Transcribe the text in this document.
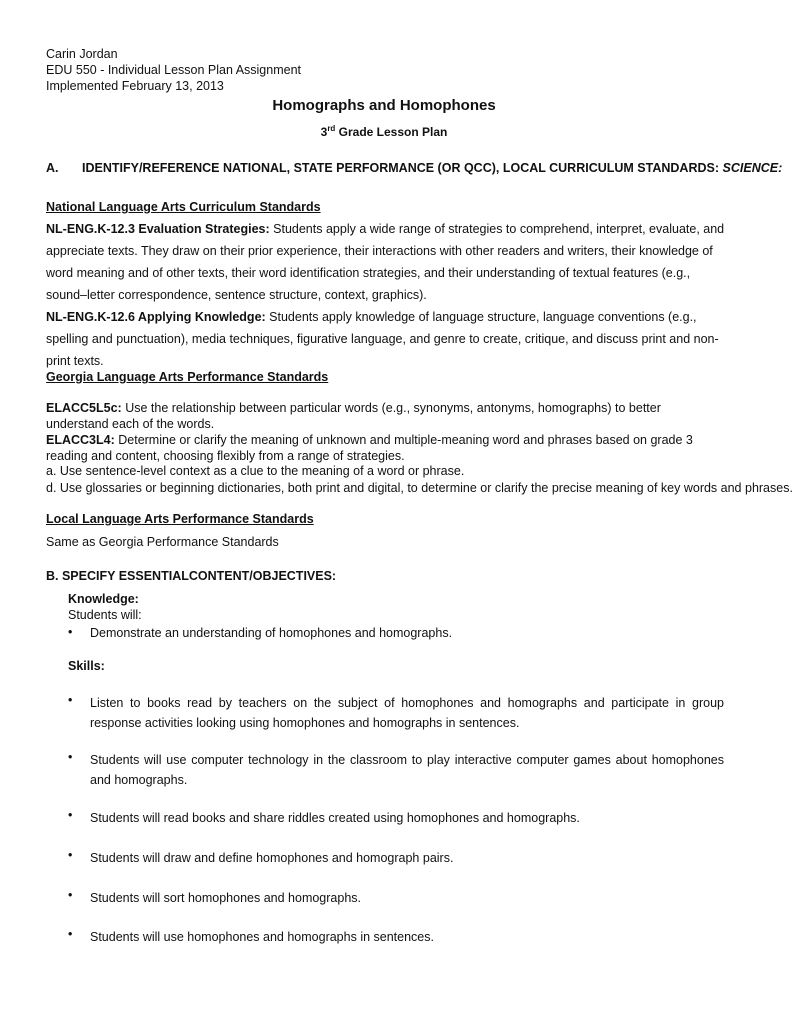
Carin Jordan
EDU 550 - Individual Lesson Plan Assignment
Implemented February 13, 2013
Homographs and Homophones
3rd Grade Lesson Plan
A. IDENTIFY/REFERENCE NATIONAL, STATE PERFORMANCE (OR QCC), LOCAL CURRICULUM STANDARDS: SCIENCE:
National Language Arts Curriculum Standards
NL-ENG.K-12.3 Evaluation Strategies: Students apply a wide range of strategies to comprehend, interpret, evaluate, and appreciate texts. They draw on their prior experience, their interactions with other readers and writers, their knowledge of word meaning and of other texts, their word identification strategies, and their understanding of textual features (e.g., sound–letter correspondence, sentence structure, context, graphics).
NL-ENG.K-12.6 Applying Knowledge: Students apply knowledge of language structure, language conventions (e.g., spelling and punctuation), media techniques, figurative language, and genre to create, critique, and discuss print and non-print texts.
Georgia Language Arts Performance Standards
ELACC5L5c: Use the relationship between particular words (e.g., synonyms, antonyms, homographs) to better understand each of the words.
ELACC3L4: Determine or clarify the meaning of unknown and multiple-meaning word and phrases based on grade 3 reading and content, choosing flexibly from a range of strategies.
a. Use sentence-level context as a clue to the meaning of a word or phrase.
d. Use glossaries or beginning dictionaries, both print and digital, to determine or clarify the precise meaning of key words and phrases.
Local Language Arts Performance Standards
Same as Georgia Performance Standards
B. SPECIFY ESSENTIALCONTENT/OBJECTIVES:
Knowledge:
Students will:
•	Demonstrate an understanding of homophones and homographs.
Skills:
•	Listen to books read by teachers on the subject of homophones and homographs and participate in group response activities looking using homophones and homographs in sentences.
•	Students will use computer technology in the classroom to play interactive computer games about homophones and homographs.
•	Students will read books and share riddles created using homophones and homographs.
•	Students will draw and define homophones and homograph pairs.
•	Students will sort homophones and homographs.
•	Students will use homophones and homographs in sentences.
